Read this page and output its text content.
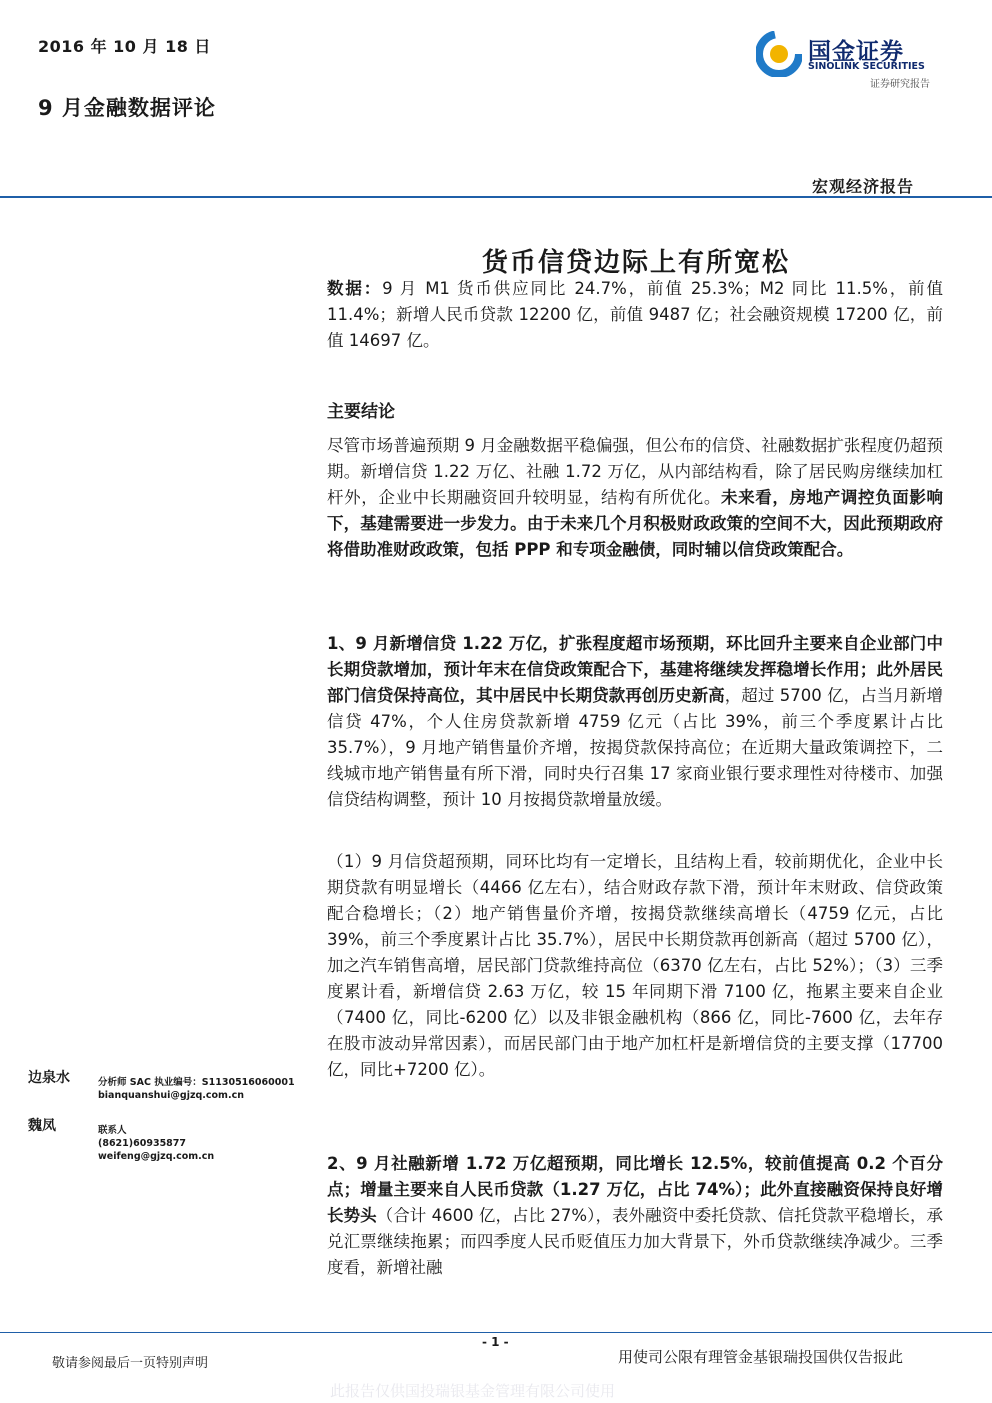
2016 年 10 月 18 日
9 月金融数据评论
国金证券
SINOLINK SECURITIES
证券研究报告
宏观经济报告
货币信贷边际上有所宽松
数据：9 月 M1 货币供应同比 24.7%，前值 25.3%；M2 同比 11.5%，前值 11.4%；新增人民币贷款 12200 亿，前值 9487 亿；社会融资规模 17200 亿，前值 14697 亿。
主要结论
尽管市场普遍预期 9 月金融数据平稳偏强，但公布的信贷、社融数据扩张程度仍超预期。新增信贷 1.22 万亿、社融 1.72 万亿，从内部结构看，除了居民购房继续加杠杆外，企业中长期融资回升较明显，结构有所优化。未来看，房地产调控负面影响下，基建需要进一步发力。由于未来几个月积极财政政策的空间不大，因此预期政府将借助准财政政策，包括 PPP 和专项金融债，同时辅以信贷政策配合。
1、9 月新增信贷 1.22 万亿，扩张程度超市场预期，环比回升主要来自企业部门中长期贷款增加，预计年末在信贷政策配合下，基建将继续发挥稳增长作用；此外居民部门信贷保持高位，其中居民中长期贷款再创历史新高，超过 5700 亿，占当月新增信贷 47%，个人住房贷款新增 4759 亿元（占比 39%，前三个季度累计占比 35.7%），9 月地产销售量价齐增，按揭贷款保持高位；在近期大量政策调控下，二线城市地产销售量有所下滑，同时央行召集 17 家商业银行要求理性对待楼市、加强信贷结构调整，预计 10 月按揭贷款增量放缓。
（1）9 月信贷超预期，同环比均有一定增长，且结构上看，较前期优化，企业中长期贷款有明显增长（4466 亿左右），结合财政存款下滑，预计年末财政、信贷政策配合稳增长；（2）地产销售量价齐增，按揭贷款继续高增长（4759 亿元，占比 39%，前三个季度累计占比 35.7%），居民中长期贷款再创新高（超过 5700 亿），加之汽车销售高增，居民部门贷款维持高位（6370 亿左右，占比 52%）；（3）三季度累计看，新增信贷 2.63 万亿，较 15 年同期下滑 7100 亿，拖累主要来自企业（7400 亿，同比-6200 亿）以及非银金融机构（866 亿，同比-7600 亿，去年存在股市波动异常因素），而居民部门由于地产加杠杆是新增信贷的主要支撑（17700 亿，同比+7200 亿）。
2、9 月社融新增 1.72 万亿超预期，同比增长 12.5%，较前值提高 0.2 个百分点；增量主要来自人民币贷款（1.27 万亿，占比 74%）；此外直接融资保持良好增长势头（合计 4600 亿，占比 27%），表外融资中委托贷款、信托贷款平稳增长，承兑汇票继续拖累；而四季度人民币贬值压力加大背景下，外币贷款继续净减少。三季度看，新增社融
边泉水	分析师 SAC 执业编号：S1130516060001
bianquanshui@gjzq.com.cn
魏凤	联系人
(8621)60935877
weifeng@gjzq.com.cn
- 1 -
敬请参阅最后一页特别声明	用使司公限有理管金基银瑞投国供仅告报此
此报告仅供国投瑞银基金管理有限公司使用
